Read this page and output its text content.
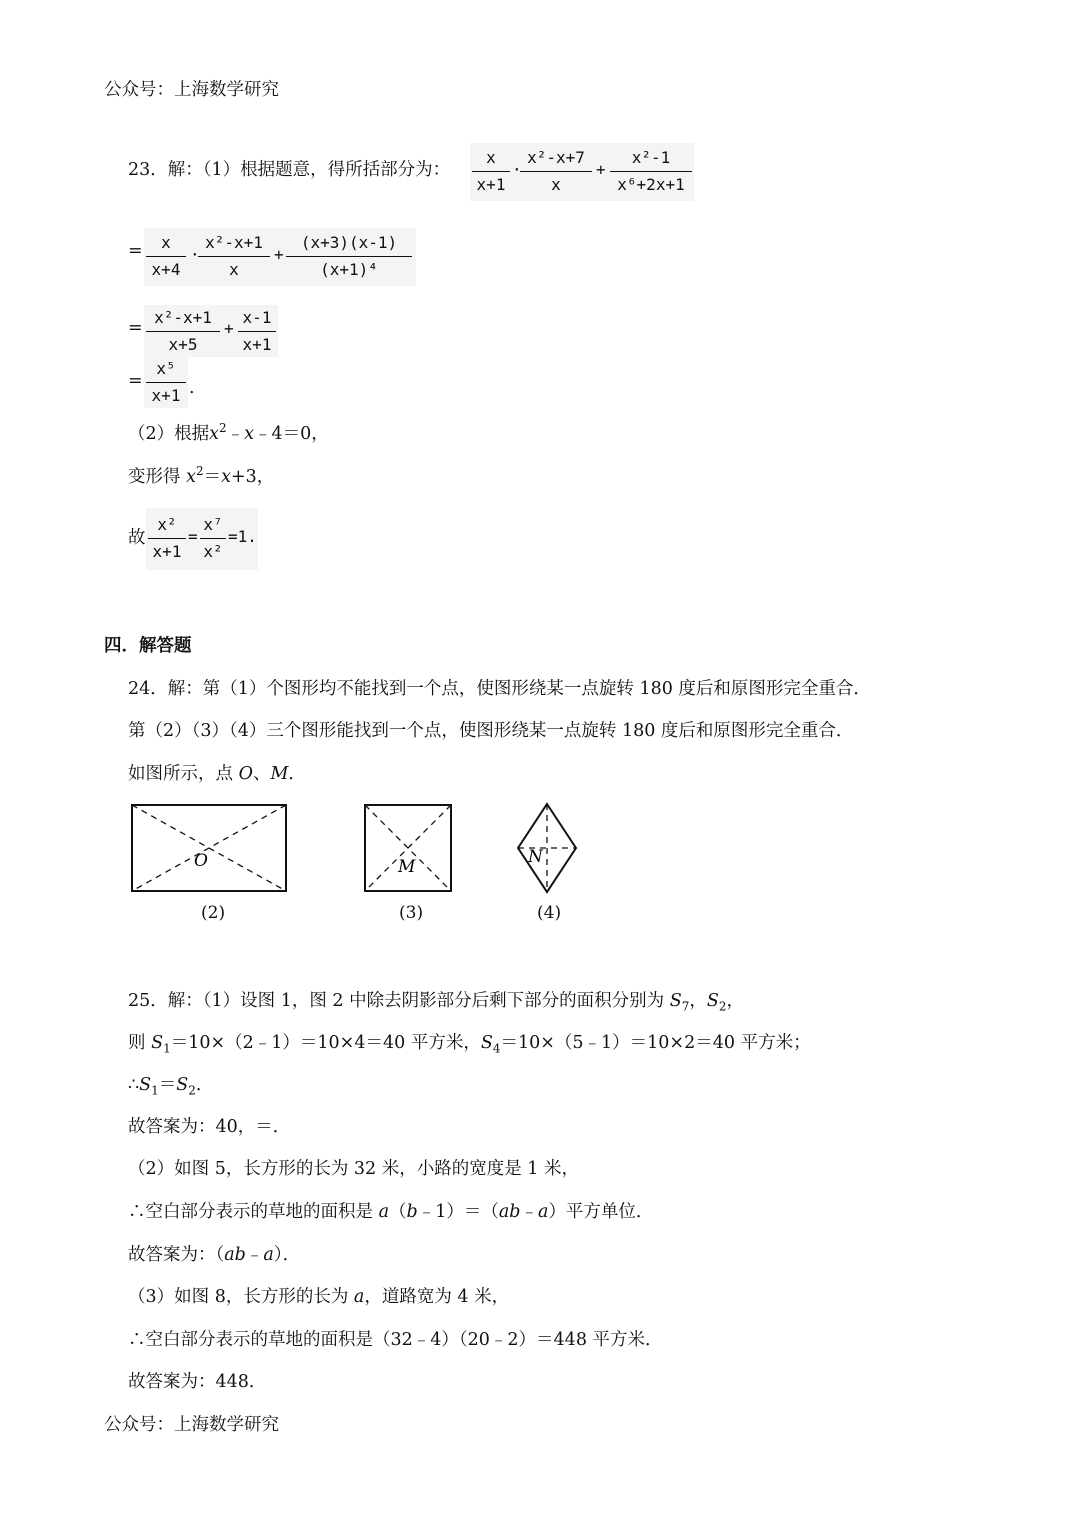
公众号：上海数学研究
23．解：（1）根据题意，得所括部分为： $\frac{x}{x+1}$ ·
$\frac{\text{x²-x+7}}{x} + \frac{\text{x²-1}}{\text{x⁶+2x+1}}$
= $\frac{x}{x+4}$ ·
$\frac{\text{x²-x+1}}{x} + \frac{(x+3)(x-1)}{\text{(x+1)⁴}}$
= $\frac{\text{x²-x+1}}{x+5} + \frac{x-1}{x+1}$
= $\frac{\text{x⁵}}{x+1}$ .
（2）根据$x^2﹣x﹣4=0$，
变形得 $x^2=x+3$，
故 $\frac{\text{x²}}{x+1} = \frac{\text{x⁷}}{\text{x²}} =1$.
四．解答题
24．解：第（1）个图形均不能找到一个点，使图形绕某一点旋转 180 度后和原图形完全重合．
第（2）（3）（4）三个图形能找到一个点，使图形绕某一点旋转 180 度后和原图形完全重合．
如图所示，点 O、M．
O
(2)
M
(3)
N
(4)
25．解：（1）设图 1，图 2 中除去阴影部分后剩下部分的面积分别为 $S_7$，$S_2$，
则 $S_1=10\times(2﹣1)=10\times 4=40$ 平方米，$S_4=10\times(5﹣1)=10\times 2=40$ 平方米；
$\therefore S_1=S_2$．
故答案为：40，＝．
（2）如图 5，长方形的长为 32 米，小路的宽度是 1 米，
∴空白部分表示的草地的面积是 a（b﹣1）＝（ab﹣a）平方单位．
故答案为：（ab﹣a）．
（3）如图 8，长方形的长为 a，道路宽为 4 米，
∴空白部分表示的草地的面积是（32﹣4）（20﹣2）＝448 平方米．
故答案为：448．
公众号：上海数学研究
